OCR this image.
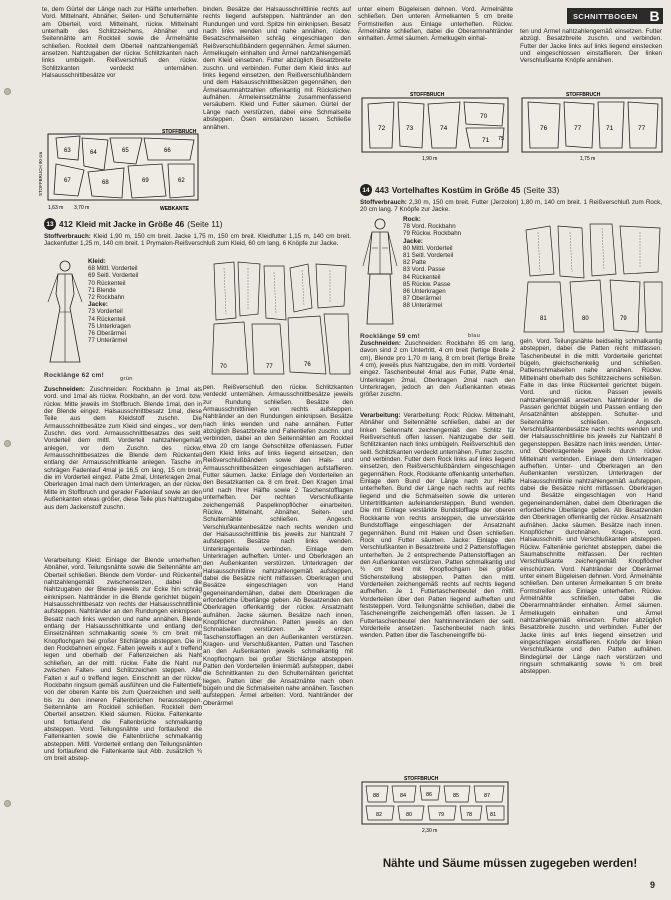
SCHNITTBOGEN B
te, dem Gürtel der Länge nach zur Hälfte unterheften. Vord. Mittelnaht, Abnäher, Seiten- und Schulternähte am Oberteil, vord. Mittelnaht, rückw. Mittelnaht unterhalb des Schlitzzeichens, Abnäher und Seitennähte am Rockteil sowie die Ärmelnähte schließen. Rockteil dem Oberteil nahtzahlengemäß ansetzen. Nahtzugaben der rückw. Schlitzkanten nach links umbügeln. Reißverschluß den rückw. Schlitzkanten verdeckt unternähen. Halsausschnittbesätze vor
binden. Besätze der Halsausschnittlinie rechts auf rechts liegend aufsteppen. Nahtränder an den Rundungen und vord. Spitze hin einknipsen. Besatz nach links wenden und nahe annähen, rückw. Besatzschmalseiten schräg eingeschlagen den Reißverschlußbändern gegennähen. Ärmel säumen. Ärmelkugeln einhalten und Ärmel nahtzahlengemäß dem Kleid einsetzen. Futter abzüglich Besatzbreite zuschn. und verbinden. Futter dem Kleid links auf links liegend einsetzen, den Reißverschlußbändern und dem Halsausschnittbesätzen gegennähen, den Ärmelsaumnahtzahlen offenkantig mit Rückstichen aufnähen. Ärmeleinsetznähte zusammenfassend versäubern. Kleid und Futter säumen. Gürtel der Länge nach verstürzen, dabei eine Schmalseite absteppen. Ösen einstanzen lassen. Schließe annähen.
unter einem Bügeleisen dehnen. Vord. Ärmelnähte schließen. Den unteren Ärmelkanten 5 cm breite Formstreifen aus Einlage unterheften. Rückw. Ärmelnähte schließen, dabei die Oberarmnahtränder einhalten. Ärmel säumen. Ärmelkugeln einhal-
ten und Ärmel nahtzahlengemäß einsetzen. Futter abzügl. Besatzbreite zuschn. und verbinden. Futter der Jacke links auf links liegend einstecken und eingeschlossen einstaffieren. Der linken Verschlußkante Knöpfe annähen.
63	64	65	66
67	68	69	62
STOFFBRUCH
WEBKANTE
1,63 m 3,70 m
STOFFBRUCH 90 cm
72	73	74
70
71 75
STOFFBRUCH
1,90 m
76	77	71	77
STOFFBRUCH
1,75 m
13 412 Kleid mit Jacke in Größe 46 (Seite 11)
Stoffverbrauch: Kleid 1,90 m, 150 cm breit. Jacke 1,75 m, 150 cm breit. Kleidfutter 1,15 m, 140 cm breit. Jackenfutter 1,25 m, 140 cm breit. 1 Prymalon-Reißverschluß zum Kleid, 60 cm lang. 6 Knöpfe zur Jacke.
Kleid:
68 Mittl. Vorderteil
69 Seitl. Vorderteil
70 Rückenteil
71 Blende
72 Rockbahn
Jacke:
73 Vorderteil
74 Rückenteil
75 Unterkragen
76 Oberärmel
77 Unterärmel
Rocklänge 62 cm!	grün
70	77	76
Zuschneiden: Zuschneiden: Rockbahn je 1mal als vord. und 1mal als rückw. Rockbahn, an der vord. bzw. rückw. Mitte jeweils im Stoffbruch. Blende 1mal, den in der Blende eingez. Halsausschnittbesatz 1mal, diese Teile aus dem Kleidstoff zuschn. Die Armausschnittbesätze zum Kleid sind einges., vor dem Zuschn. des vord. Armausschnittbesatzes des seitl. Vorderteil dem mittl. Vorderteil nahtzahlengemäß anlegen, vor dem Zuschn. des rückw. Armausschnittbesatzes die Blende dem Rückenteil entlang der Armausschnittkante anlegen. Tasche im schrägen Fadenlauf 4mal je 16,5 cm lang, 15 cm breit, die im Vorderteil eingez. Patte 2mal, Unterkragen 2mal, Oberkragen 1mal nach dem Unterkragen, an der rückw. Mitte im Stoffbruch und gerader Fadenlauf sowie an den Außenkanten etwas größer, diese Teile plus Nahtzugabe aus dem Jackenstoff zuschn.
Verarbeitung: Kleid: Einlage der Blende unterheften. Abnäher, vord. Teilungsnähte sowie die Seitennähte am Oberteil schließen. Blende dem Vorder- und Rückenteil nahtzahlengemäß zwischensetzen, dabei die Nahtzugaben der Blende jeweils zur Ecke hin schräg einknipsen. Nahtränder in die Blende gerichtet bügeln. Halsausschnittbesatz von rechts der Halsausschnittlinie aufsteppen. Nahtränder an den Rundungen einknipsen. Besatz nach links wenden und nahe annähen. Blende entlang der Halsausschnittkante und entlang den Einsetznähten schmalkantig sowie ¾ cm breit mit Knopflochgarn bei großer Stichlänge absteppen. Die in den Rockbahnen eingez. Falten jeweils x auf x treffend legen und oberhalb der Faltenzeichen als Naht schließen, an der mittl. rückw. Falte die Naht nur zwischen Falten- und Schlitzzeichen steppen. Alle Falten x auf o treffend legen. Einschnitt an der rückw. Rockbahn ringsum gemäß ausführen und die Faltentiefe von der oberen Kante bis zum Querzeichen und seitl. bis zu den inneren Faltenbrüchen heraussteppen. Seitennähte am Rockteil schließen. Rockteil dem Oberteil ansetzen. Kleid säumen. Rückw. Faltenkante und fortlaufend die Faltenbrüche schmalkantig absteppen. Vord. Teilungsnähte und fortlaufend die Faltenkanten sowie die Faltenbrüche schmalkantig absteppen. Mittl. Vorderteil entlang den Teilungsnähten und fortlaufend die Faltenkante laut Abb. zusätzlich ¾ cm breit abstep-
pen. Reißverschluß den rückw. Schlitzkanten verdeckt unternähen. Armausschnittbesätze jeweils zur Rundung schließen. Besätze den Armausschnittlinien von rechts aufsteppen. Nahtränder an den Rundungen einknipsen. Besätze nach links wenden und nahe annähen. Futter abzüglich Besatzbreite und Faltentiefen zuschn. und verbinden, dabei an den Seitennähten am Rockteil etwa 20 cm lange Gehschlitze offenlassen. Futter dem Kleid links auf links liegend einsetzen, den Reißverschlußbändern sowie den Hals- und Armausschnittbesätzen eingeschlagen aufstaffieren. Futter säumen. Jacke: Einlage den Vorderteilen an den Besatzkanten ca. 8 cm breit. Den Kragen 1mal und nach Ihrer Hälfte sowie 2 Taschenstofflagen unterheften. Der rechten Verschlußkante zeichengemäß Paspelknopflöcher einarbeiten. Rückw. Mittelnaht, Abnäher, Seiten- und Schulternähte schließen. Angesch. Verschlußkantenbesätze nach rechts wenden und der Halsausschnittlinie bis jeweils zur Nahtzahl 7 aufsteppen. Besätze nach links wenden. Unterkragenteile verbinden. Einlage dem Unterkragen aufheften. Unter- und Oberkragen an den Außenkanten verstürzen. Unterkragen der Halsausschnittlinie nahtzahlengemäß aufsteppen, dabei die Besätze nicht mitfassen. Oberkragen und Besätze eingeschlagen von Hand gegeneinandernähen, dabei dem Oberkragen die erforderliche Überlänge geben. Ab Besatzenden den Oberkragen offenkantig der rückw. Ansatznaht aufnähen. Jacke säumen. Besätze nach innen, Knopflöcher durchnähen. Patten jeweils an den Schmalseiten verstürzen. Je 2 entspr. Taschenstofflagen an den Außenkanten verstürzen. Kragen- und Verschlußkanten, Patten und Taschen an den Außenkanten jeweils schmalkantig mit Knopflochgarn bei großer Stichlänge absteppen. Patten den Vorderteilen linienmäß aufsteppen, dabei die Schnittkanten zu den Schulternähten gerichtet liegen. Patten über die Ansatznähte nach oben bügeln und die Schmalseiten nahe annähen. Taschen aufsteppen. Ärmel arbeiten: Vord. Nahtränder der Oberärmel
14 443 Vortelhaftes Kostüm in Größe 45 (Seite 33)
Stoffverbrauch: 2,30 m, 150 cm breit. Futter (Jerzolon) 1,80 m, 140 cm breit. 1 Reißverschluß zum Rock, 20 cm lang. 7 Knöpfe zur Jacke.
Rock:
78 Vord. Rockbahn
79 Rückw. Rockbahn
Jacke:
80 Mittl. Vorderteil
81 Seitl. Vorderteil
82 Patte
83 Vord. Passe
84 Rückenteil
85 Rückw. Passe
86 Unterkragen
87 Oberärmel
88 Unterärmel
Rocklänge 59 cm!	blau
81	80	79
Zuschneiden: Zuschneiden: Rockbahn 85 cm lang, davon sind 2 cm Untertritt, 4 cm breit (fertige Breite 2 cm), Blende pro 1,70 m lang, 8 cm breit (fertige Breite 4 cm), jeweils plus Nahtzugabe, den im mittl. Vorderteil eingez. Taschenbeutel 4mal aus Futter, Patte 4mal, Unterkragen 2mal, Oberkragen 2mal nach den Unterkragen, jedoch an den Außenkanten etwas größer zuschn.
Verarbeitung: Verarbeitung: Rock: Rückw. Mittelnaht, Abnäher und Seitennähte schließen, dabei an der linken Seitennaht zeichengemäß den Schlitz für Reißverschluß offen lassen. Nahtzugabe der seitl. Schlitzkanten nach links umbügeln. Reißverschluß den seitl. Schlitzkanten verdeckt unternähen. Futter zuschn. und verbinden. Futter dem Rock links auf links liegend einsetzen, den Reißverschlußbändern eingeschlagen gegennähen. Rock, Rockkante offenkantig unterheften. Einlage dem Bund der Länge nach zur Hälfte unterheften. Bund der Länge nach rechts auf rechts liegend und die Schmalseiten sowie die unteren Untertrittkanten aufeinandersteppen. Bund wenden. Die mit Einlage verstärkte Bundstofflage der oberen Rockkante von rechts ansteppen, die unverstärkte Bundstofflage eingeschlagen der Ansatznaht gegennähen. Bund mit Haken und Ösen schließen. Rock und Futter säumen. Jacke: Einlage den Verschlußkanten in Besatzbreite und 2 Pattenstofflagen unterheften. Je 2 entsprechende Pattenstofflagen an den Außenkanten verstürzen. Patten schmalkantig und ¾ cm breit mit Knopflochgarn bei großer Stichenstellung absteppen. Patten den mittl. Vorderteilen zeichengemäß rechts auf rechts liegend aufheften. Je 1 Futtertaschenbeutel den mittl. Vorderteilen über den Patten liegend aufheften und feststeppen. Vord. Teilungsnähte schließen, dabei die Tascheneingriffe zeichengemäß offen lassen. Je 1 Futtertaschenbeutel den Nahtinnenrändern der seitl. Vorderteile ansetzen. Taschenbeutel nach links wenden. Patten über die Tascheneingriffe bü-
geln. Vord. Teilungsnähte beidseitig schmalkantig absteppen, dabei die Patten nicht mitfassen. Taschenbeutel in die mittl. Vorderteile gerichtet bügeln, gleichschenkelig und schließen. Pattenschmalseiten nahe annähen. Rückw. Mittelnaht oberhalb des Schlitzzeichens schließen. Falte in das linke Rückenteil gerichtet bügeln. Vord. und rückw. Passen jeweils nahtzahlengemäß ansetzen. Nahtränder in die Passen gerichtet bügeln und Passen entlang den Ansatznähten absteppen. Schulter- und Seitennähte schließen. Angesch. Verschlußkantenbesätze nach rechts wenden und der Halsausschnittlinie bis jeweils zur Nahtzahl 8 gegensteppen. Besätze nach links wenden. Unter- und Oberkragenteile jeweils durch rückw. Mittelnaht verbinden. Einlage dem Unterkragen aufheften. Unter- und Oberkragen an den Außenkanten verstürzen. Unterkragen der Halsausschnittlinie nahtzahlengemäß aufsteppen, dabei die Besätze nicht mitfassen. Oberkragen und Besätze eingeschlagen von Hand gegeneinandernähen, dabei dem Oberkragen die erforderliche Überlänge geben. Ab Besatzenden den Oberkragen offenkantig der rückw. Ansatznaht aufnähen. Jacke säumen. Besätze nach innen. Knopflöcher durchnähen. Kragen-, vord. Halsausschnitt- und Verschlußkanten absteppen. Rückw. Faltenlinie gerichtet absteppen, dabei die Saumabschnitte mitfassen. Der rechten Verschlußkante zeichengemäß Knopflöcher einschürzen. Vord. Nahtränder der Oberärmel unter einem Bügeleisen dehnen. Vord. Ärmelnähte schließen. Den unteren Ärmelkanten 5 cm breite Formstreifen aus Einlage unterheften. Rückw. Ärmelnähte schließen, dabei die Oberarmnahtränder einhalten. Ärmel säumen. Ärmelkugeln einhalten und Ärmel nahtzahlengemäß einsetzen. Futter abzüglich Besatzbreite zuschn. und verbinden. Futter der Jacke links auf links liegend einsetzen und eingeschlagen einstaffieren. Knöpfe der linken Verschlußkante und den Patten aufnähen. Bindegürtel der Länge nach verstürzen und ringsum schmalkantig sowie ¾ cm breit absteppen.
88	84	86	85	87
82	80	79	78	81
STOFFBRUCH
2,30 m
Nähte und Säume müssen zugegeben werden!
9
